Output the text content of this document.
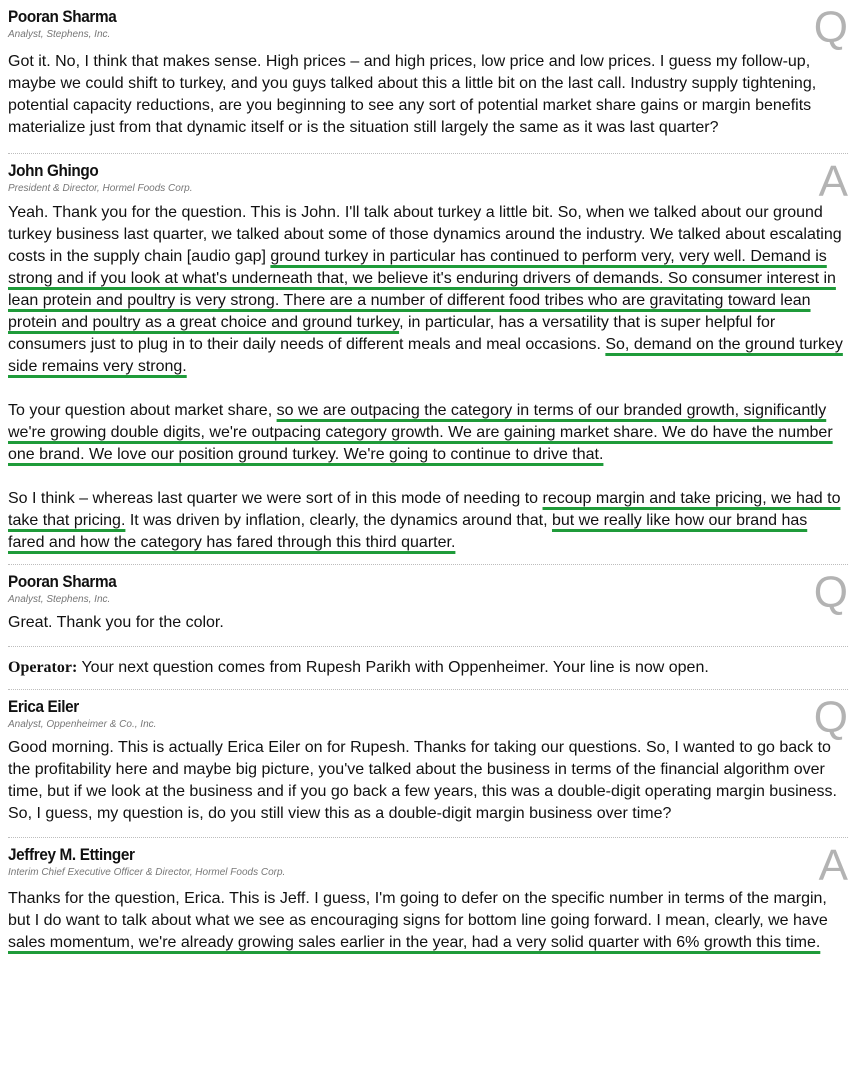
Pooran Sharma
Analyst, Stephens, Inc.	Q

Got it. No, I think that makes sense. High prices – and high prices, low price and low prices. I guess my follow-up, maybe we could shift to turkey, and you guys talked about this a little bit on the last call. Industry supply tightening, potential capacity reductions, are you beginning to see any sort of potential market share gains or margin benefits materialize just from that dynamic itself or is the situation still largely the same as it was last quarter?

John Ghingo
President & Director, Hormel Foods Corp.	A

Yeah. Thank you for the question. This is John. I'll talk about turkey a little bit. So, when we talked about our ground turkey business last quarter, we talked about some of those dynamics around the industry. We talked about escalating costs in the supply chain [audio gap] ground turkey in particular has continued to perform very, very well. Demand is strong and if you look at what's underneath that, we believe it's enduring drivers of demands. So consumer interest in lean protein and poultry is very strong. There are a number of different food tribes who are gravitating toward lean protein and poultry as a great choice and ground turkey, in particular, has a versatility that is super helpful for consumers just to plug in to their daily needs of different meals and meal occasions. So, demand on the ground turkey side remains very strong.

To your question about market share, so we are outpacing the category in terms of our branded growth, significantly we're growing double digits, we're outpacing category growth. We are gaining market share. We do have the number one brand. We love our position ground turkey. We're going to continue to drive that.

So I think – whereas last quarter we were sort of in this mode of needing to recoup margin and take pricing, we had to take that pricing. It was driven by inflation, clearly, the dynamics around that, but we really like how our brand has fared and how the category has fared through this third quarter.

Pooran Sharma
Analyst, Stephens, Inc.	Q

Great. Thank you for the color.

Operator: Your next question comes from Rupesh Parikh with Oppenheimer. Your line is now open.

Erica Eiler
Analyst, Oppenheimer & Co., Inc.	Q

Good morning. This is actually Erica Eiler on for Rupesh. Thanks for taking our questions. So, I wanted to go back to the profitability here and maybe big picture, you've talked about the business in terms of the financial algorithm over time, but if we look at the business and if you go back a few years, this was a double-digit operating margin business. So, I guess, my question is, do you still view this as a double-digit margin business over time?

Jeffrey M. Ettinger
Interim Chief Executive Officer & Director, Hormel Foods Corp.	A

Thanks for the question, Erica. This is Jeff. I guess, I'm going to defer on the specific number in terms of the margin, but I do want to talk about what we see as encouraging signs for bottom line going forward. I mean, clearly, we have sales momentum, we're already growing sales earlier in the year, had a very solid quarter with 6% growth this time.
